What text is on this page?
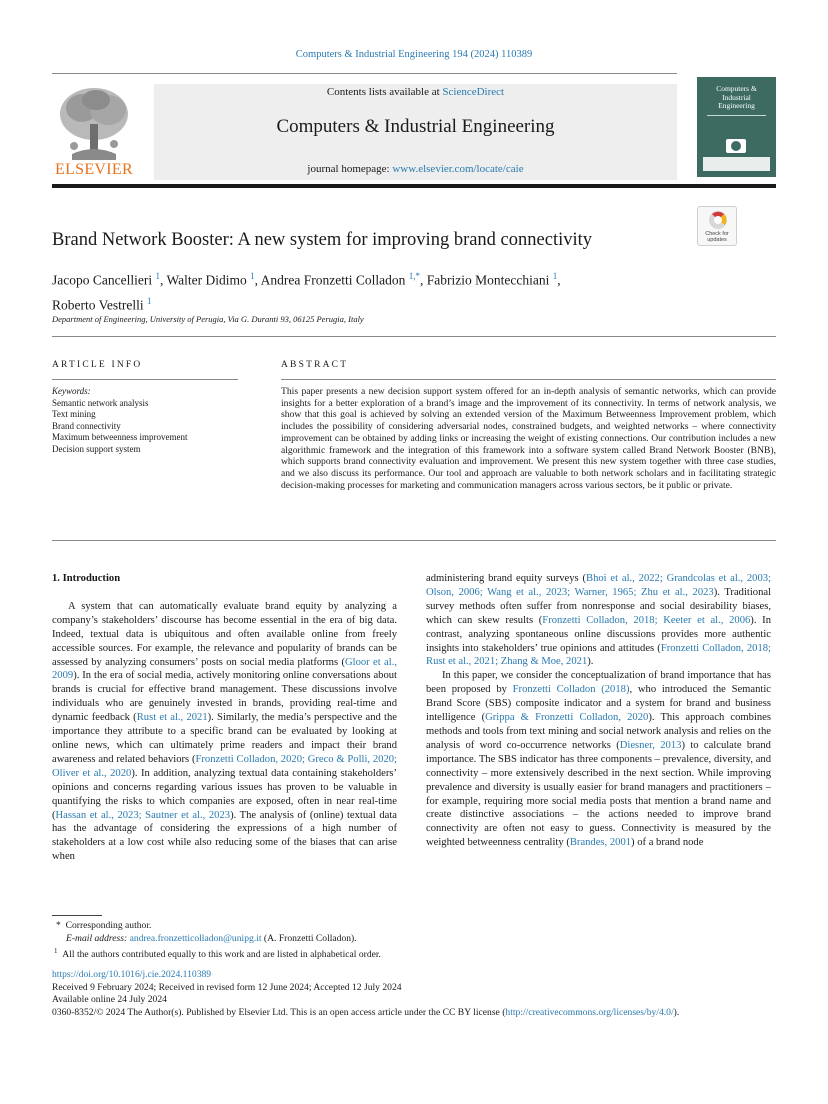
Computers & Industrial Engineering 194 (2024) 110389
ELSEVIER
Contents lists available at ScienceDirect
Computers & Industrial Engineering
journal homepage: www.elsevier.com/locate/caie
Computers &
Industrial
Engineering
Brand Network Booster: A new system for improving brand connectivity	Check for
updates
Jacopo Cancellieri $^1$, Walter Didimo $^1$, Andrea Fronzetti Colladon $^{1,*}$, Fabrizio Montecchiani $^1$,
Roberto Vestrelli $^1$
Department of Engineering, University of Perugia, Via G. Duranti 93, 06125 Perugia, Italy
ARTICLE INFO	ABSTRACT
Keywords:
Semantic network analysis
Text mining
Brand connectivity
Maximum betweenness improvement
Decision support system
This paper presents a new decision support system offered for an in-depth analysis of semantic networks, which can provide insights for a better exploration of a brand’s image and the improvement of its connectivity. In terms of network analysis, we show that this goal is achieved by solving an extended version of the Maximum Betweenness Improvement problem, which includes the possibility of considering adversarial nodes, constrained budgets, and weighted networks – where connectivity improvement can be obtained by adding links or increasing the weight of existing connections. Our contribution includes a new algorithmic framework and the integration of this framework into a software system called Brand Network Booster (BNB), which supports brand connectivity evaluation and improvement. We present this new system together with three case studies, and we also discuss its performance. Our tool and approach are valuable to both network scholars and in facilitating strategic decision-making processes for marketing and communication managers across various sectors, be it public or private.
1. Introduction

A system that can automatically evaluate brand equity by analyzing a company’s stakeholders’ discourse has become essential in the era of big data. Indeed, textual data is ubiquitous and often available online from freely accessible sources. For example, the relevance and popularity of brands can be assessed by analyzing consumers’ posts on social media platforms (Gloor et al., 2009). In the era of social media, actively monitoring online conversations about brands is crucial for effective brand management. These discussions involve individuals who are genuinely invested in brands, providing real-time and dynamic feedback (Rust et al., 2021). Similarly, the media’s perspective and the importance they attribute to a specific brand can be evaluated by looking at online news, which can ultimately prime readers and impact their brand awareness and related behaviors (Fronzetti Colladon, 2020; Greco & Polli, 2020; Oliver et al., 2020). In addition, analyzing textual data containing stakeholders’ opinions and concerns regarding various issues has proven to be valuable in quantifying the risks to which companies are exposed, often in near real-time (Hassan et al., 2023; Sautner et al., 2023). The analysis of (online) textual data has the advantage of considering the expressions of a high number of stakeholders at a low cost while also reducing some of the biases that can arise when

administering brand equity surveys (Bhoi et al., 2022; Grandcolas et al., 2003; Olson, 2006; Wang et al., 2023; Warner, 1965; Zhu et al., 2023). Traditional survey methods often suffer from nonresponse and social desirability biases, which can skew results (Fronzetti Colladon, 2018; Keeter et al., 2006). In contrast, analyzing spontaneous online discussions provides more authentic insights into stakeholders’ true opinions and attitudes (Fronzetti Colladon, 2018; Rust et al., 2021; Zhang & Moe, 2021).

In this paper, we consider the conceptualization of brand importance that has been proposed by Fronzetti Colladon (2018), who introduced the Semantic Brand Score (SBS) composite indicator and a system for brand and business intelligence (Grippa & Fronzetti Colladon, 2020). This approach combines methods and tools from text mining and social network analysis and relies on the analysis of word co-occurrence networks (Diesner, 2013) to calculate brand importance. The SBS indicator has three components – prevalence, diversity, and connectivity – more extensively described in the next section. While improving prevalence and diversity is usually easier for brand managers and practitioners – for example, requiring more social media posts that mention a brand name and create distinctive associations – the actions needed to improve brand connectivity are often not easy to guess. Connectivity is measured by the weighted betweenness centrality (Brandes, 2001) of a brand node

* Corresponding author.
E-mail address: andrea.fronzetticolladon@unipg.it (A. Fronzetti Colladon).
$^1$ All the authors contributed equally to this work and are listed in alphabetical order.
https://doi.org/10.1016/j.cie.2024.110389
Received 9 February 2024; Received in revised form 12 June 2024; Accepted 12 July 2024
Available online 24 July 2024
0360-8352/© 2024 The Author(s). Published by Elsevier Ltd. This is an open access article under the CC BY license (http://creativecommons.org/licenses/by/4.0/).
